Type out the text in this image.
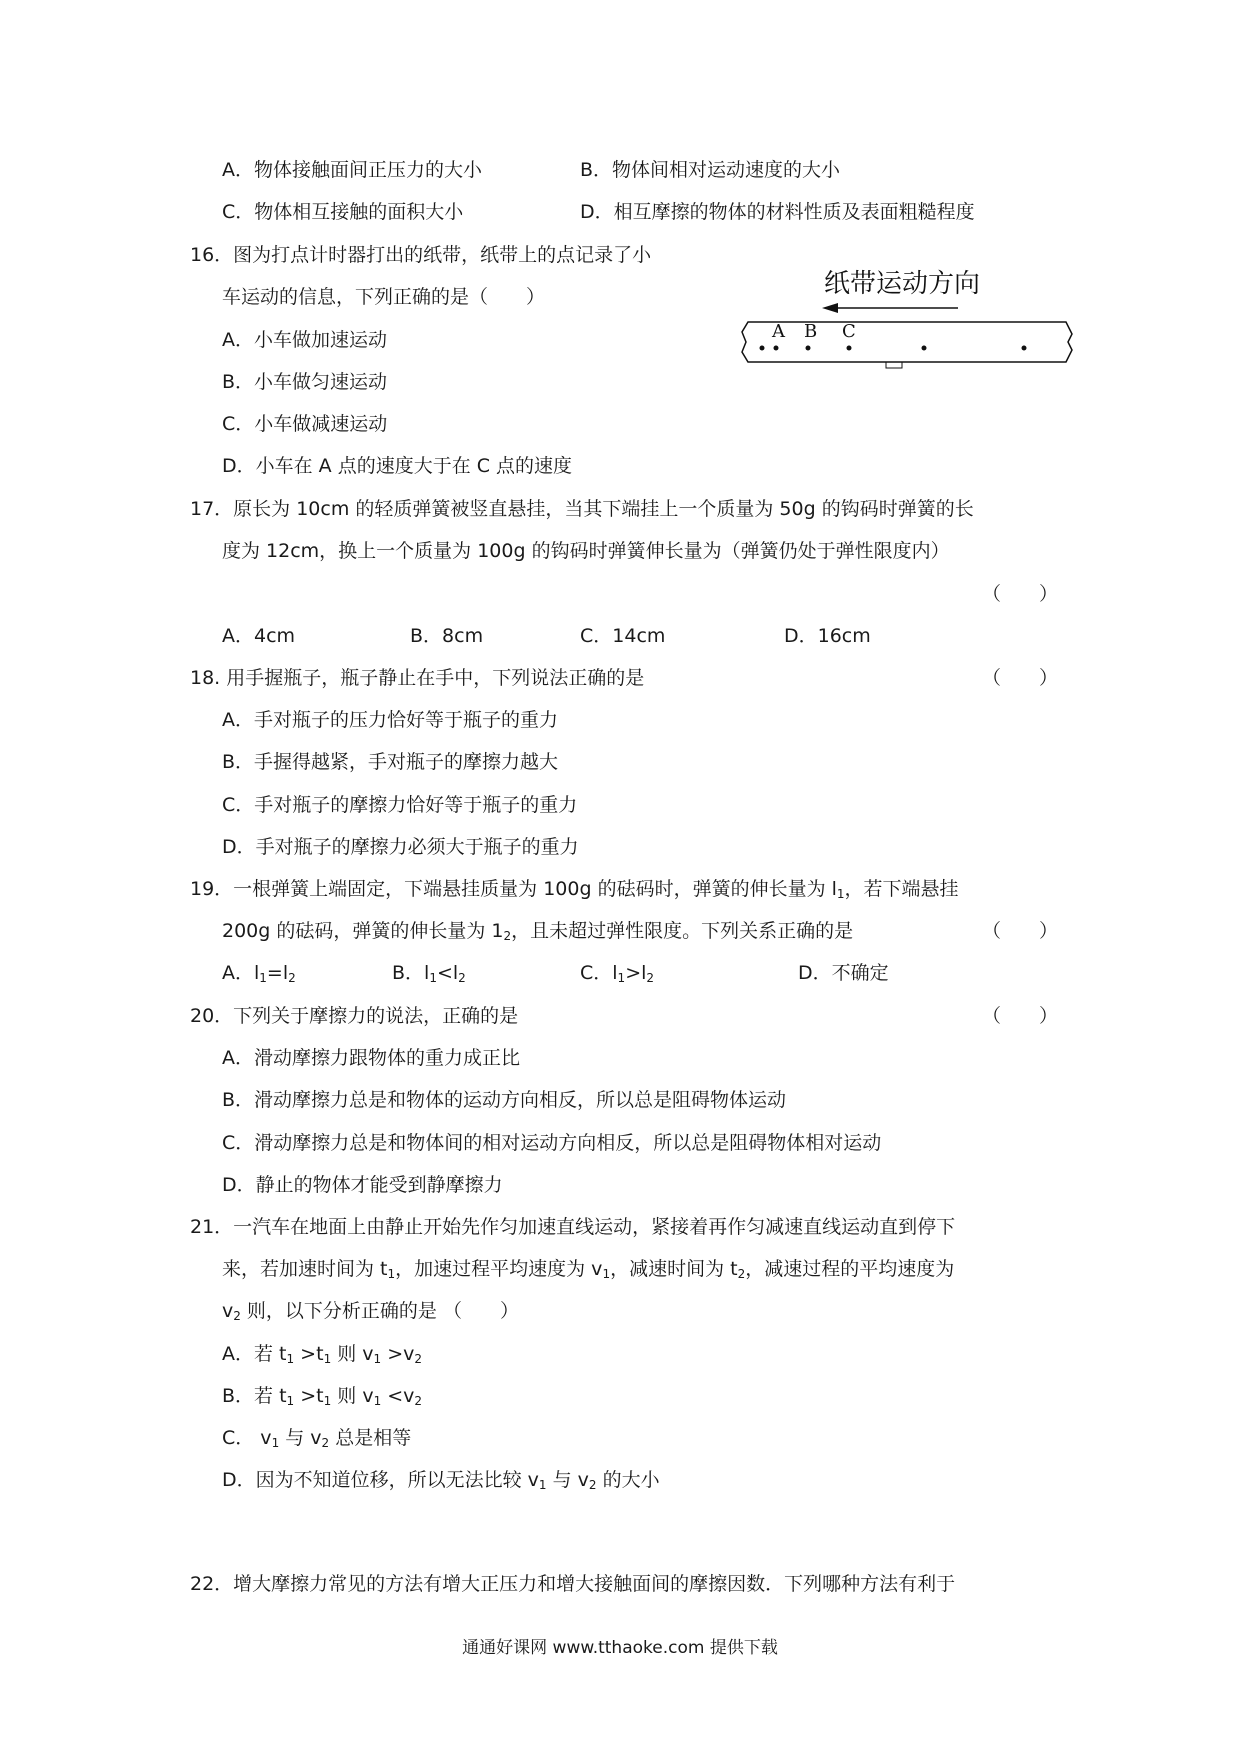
A．物体接触面间正压力的大小	B．物体间相对运动速度的大小
C．物体相互接触的面积大小	D．相互摩擦的物体的材料性质及表面粗糙程度
16．图为打点计时器打出的纸带，纸带上的点记录了小
车运动的信息，下列正确的是（　　）
A．小车做加速运动
B．小车做匀速运动
C．小车做减速运动
D．小车在 A 点的速度大于在 C 点的速度
纸带运动方向
A B C
17．原长为 10cm 的轻质弹簧被竖直悬挂，当其下端挂上一个质量为 50g 的钩码时弹簧的长
度为 12cm，换上一个质量为 100g 的钩码时弹簧伸长量为（弹簧仍处于弹性限度内）
（　　）
A．4cm	B．8cm	C．14cm	D．16cm
18. 用手握瓶子，瓶子静止在手中，下列说法正确的是	（　　）
A．手对瓶子的压力恰好等于瓶子的重力
B．手握得越紧，手对瓶子的摩擦力越大
C．手对瓶子的摩擦力恰好等于瓶子的重力
D．手对瓶子的摩擦力必须大于瓶子的重力
19．一根弹簧上端固定，下端悬挂质量为 100g 的砝码时，弹簧的伸长量为 $l_1$，若下端悬挂
200g 的砝码，弹簧的伸长量为 $1_2$，且未超过弹性限度。下列关系正确的是	（　　）
A．$l_1=l_2$	B．$l_1<l_2$	C．$l_1>l_2$	D．不确定
20．下列关于摩擦力的说法，正确的是	（　　）
A．滑动摩擦力跟物体的重力成正比
B．滑动摩擦力总是和物体的运动方向相反，所以总是阻碍物体运动
C．滑动摩擦力总是和物体间的相对运动方向相反，所以总是阻碍物体相对运动
D．静止的物体才能受到静摩擦力
21．一汽车在地面上由静止开始先作匀加速直线运动，紧接着再作匀减速直线运动直到停下
来，若加速时间为 $t_1$，加速过程平均速度为 $v_1$，减速时间为 $t_2$，减速过程的平均速度为
$v_2$ 则，以下分析正确的是 （　　）
A．若 $t_1 >t_1$ 则 $v_1 >v_2$
B．若 $t_1 >t_1$ 则 $v_1 <v_2$
C． $v_1$ 与 $v_2$ 总是相等
D．因为不知道位移，所以无法比较 $v_1$ 与 $v_2$ 的大小
22．增大摩擦力常见的方法有增大正压力和增大接触面间的摩擦因数．下列哪种方法有利于
通通好课网 www.tthaoke.com 提供下载
